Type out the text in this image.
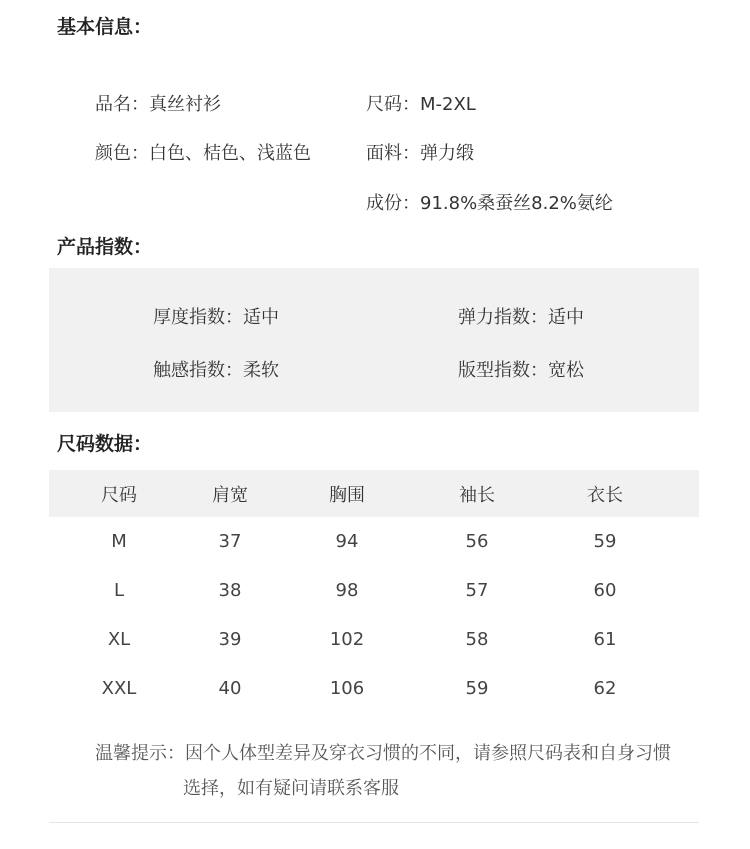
基本信息：
品名：真丝衬衫	尺码：M-2XL
颜色：白色、桔色、浅蓝色	面料：弹力缎
成份：91.8%桑蚕丝8.2%氨纶
产品指数：
厚度指数：适中	弹力指数：适中
触感指数：柔软	版型指数：宽松
尺码数据：
尺码	肩宽	胸围	袖长	衣长	
M	37	94	56	59	
L	38	98	57	60	
XL	39	102	58	61	
XXL	40	106	59	62	
温馨提示：因个人体型差异及穿衣习惯的不同，请参照尺码表和自身习惯
选择，如有疑问请联系客服
